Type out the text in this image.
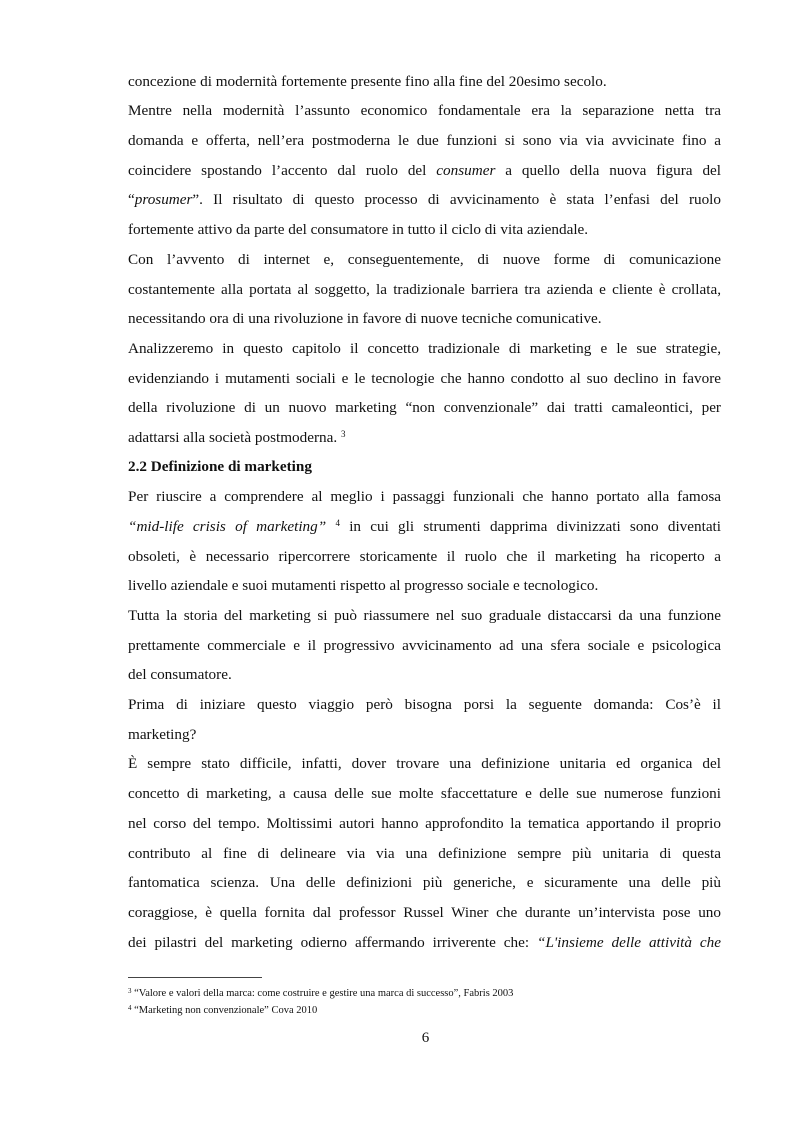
concezione di modernità fortemente presente fino alla fine del 20esimo secolo.
Mentre nella modernità l’assunto economico fondamentale era la separazione netta tra
domanda e offerta, nell’era postmoderna le due funzioni si sono via via avvicinate fino a
coincidere spostando l’accento dal ruolo del consumer a quello della nuova figura del
“prosumer”. Il risultato di questo processo di avvicinamento è stata l’enfasi del ruolo
fortemente attivo da parte del consumatore in tutto il ciclo di vita aziendale.
Con l’avvento di internet e, conseguentemente, di nuove forme di comunicazione
costantemente alla portata al soggetto, la tradizionale barriera tra azienda e cliente è crollata,
necessitando ora di una rivoluzione in favore di nuove tecniche comunicative.
Analizzeremo in questo capitolo il concetto tradizionale di marketing e le sue strategie,
evidenziando i mutamenti sociali e le tecnologie che hanno condotto al suo declino in favore
della rivoluzione di un nuovo marketing “non convenzionale” dai tratti camaleontici, per
adattarsi alla società postmoderna. $^3$
2.2 Definizione di marketing
Per riuscire a comprendere al meglio i passaggi funzionali che hanno portato alla famosa
“mid-life crisis of marketing” $^4$ in cui gli strumenti dapprima divinizzati sono diventati
obsoleti, è necessario ripercorrere storicamente il ruolo che il marketing ha ricoperto a
livello aziendale e suoi mutamenti rispetto al progresso sociale e tecnologico.
Tutta la storia del marketing si può riassumere nel suo graduale distaccarsi da una funzione
prettamente commerciale e il progressivo avvicinamento ad una sfera sociale e psicologica
del consumatore.
Prima di iniziare questo viaggio però bisogna porsi la seguente domanda: Cos’è il
marketing?
È sempre stato difficile, infatti, dover trovare una definizione unitaria ed organica del
concetto di marketing, a causa delle sue molte sfaccettature e delle sue numerose funzioni
nel corso del tempo. Moltissimi autori hanno approfondito la tematica apportando il proprio
contributo al fine di delineare via via una definizione sempre più unitaria di questa
fantomatica scienza. Una delle definizioni più generiche, e sicuramente una delle più
coraggiose, è quella fornita dal professor Russel Winer che durante un’intervista pose uno
dei pilastri del marketing odierno affermando irriverente che: “L'insieme delle attività che
$^3$ “Valore e valori della marca: come costruire e gestire una marca di successo”, Fabris 2003
$^4$ “Marketing non convenzionale” Cova 2010
6
